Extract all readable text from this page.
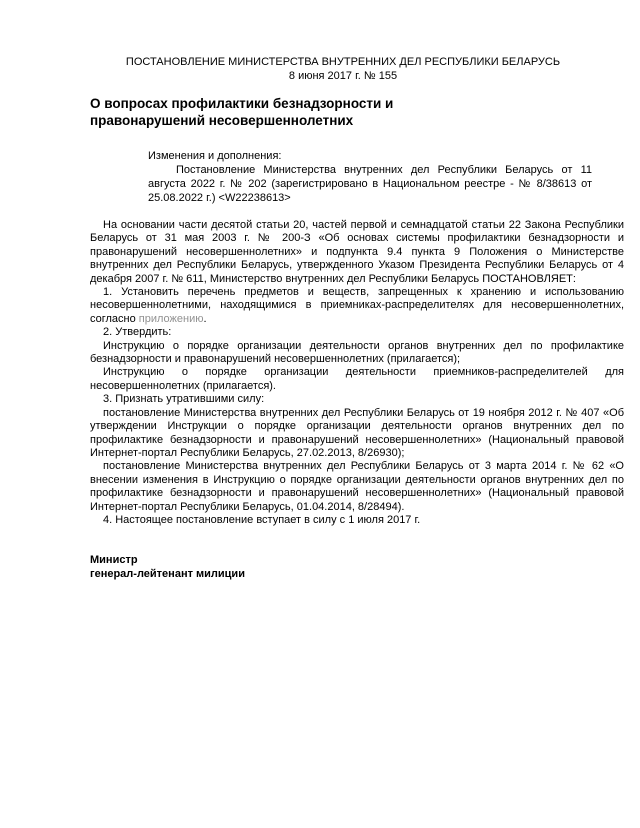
ПОСТАНОВЛЕНИЕ МИНИСТЕРСТВА ВНУТРЕННИХ ДЕЛ РЕСПУБЛИКИ БЕЛАРУСЬ
8 июня 2017 г. № 155
О вопросах профилактики безнадзорности и
правонарушений несовершеннолетних
Изменения и дополнения:
Постановление Министерства внутренних дел Республики Беларусь от 11 августа 2022 г. № 202 (зарегистрировано в Национальном реестре - № 8/38613 от 25.08.2022 г.) <W22238613>

На основании части десятой статьи 20, частей первой и семнадцатой статьи 22 Закона Республики Беларусь от 31 мая 2003 г. № 200-З «Об основах системы профилактики безнадзорности и правонарушений несовершеннолетних» и подпункта 9.4 пункта 9 Положения о Министерстве внутренних дел Республики Беларусь, утвержденного Указом Президента Республики Беларусь от 4 декабря 2007 г. № 611, Министерство внутренних дел Республики Беларусь ПОСТАНОВЛЯЕТ:

1. Установить перечень предметов и веществ, запрещенных к хранению и использованию несовершеннолетними, находящимися в приемниках-распределителях для несовершеннолетних, согласно приложению.

2. Утвердить:

Инструкцию о порядке организации деятельности органов внутренних дел по профилактике безнадзорности и правонарушений несовершеннолетних (прилагается);

Инструкцию о порядке организации деятельности приемников-распределителей для несовершеннолетних (прилагается).

3. Признать утратившими силу:

постановление Министерства внутренних дел Республики Беларусь от 19 ноября 2012 г. № 407 «Об утверждении Инструкции о порядке организации деятельности органов внутренних дел по профилактике безнадзорности и правонарушений несовершеннолетних» (Национальный правовой Интернет-портал Республики Беларусь, 27.02.2013, 8/26930);

постановление Министерства внутренних дел Республики Беларусь от 3 марта 2014 г. № 62 «О внесении изменения в Инструкцию о порядке организации деятельности органов внутренних дел по профилактике безнадзорности и правонарушений несовершеннолетних» (Национальный правовой Интернет-портал Республики Беларусь, 01.04.2014, 8/28494).

4. Настоящее постановление вступает в силу с 1 июля 2017 г.

Министр
генерал-лейтенант милиции
